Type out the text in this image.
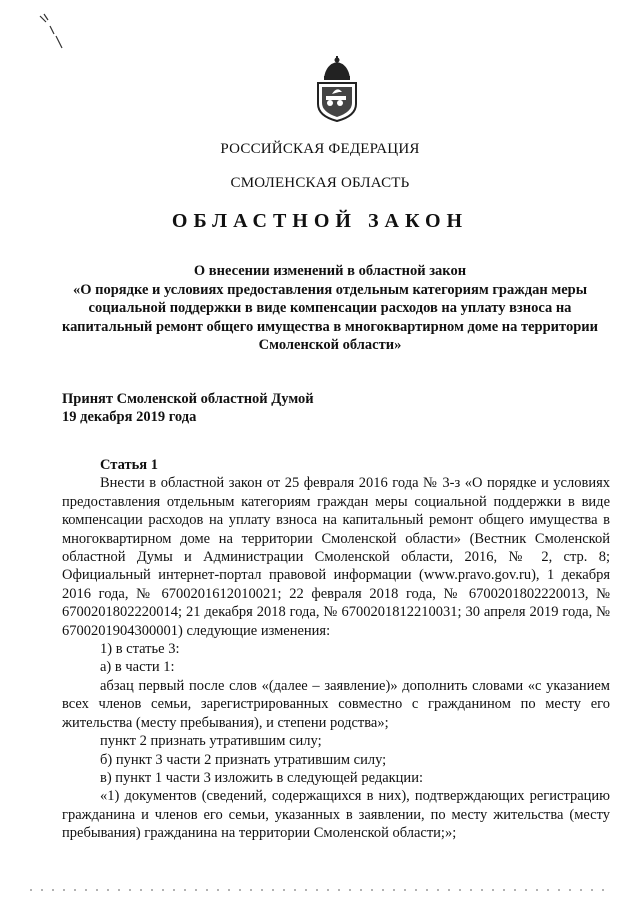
РОССИЙСКАЯ ФЕДЕРАЦИЯ
СМОЛЕНСКАЯ ОБЛАСТЬ
ОБЛАСТНОЙ ЗАКОН
О внесении изменений в областной закон
«О порядке и условиях предоставления отдельным категориям граждан меры социальной поддержки в виде компенсации расходов на уплату взноса на капитальный ремонт общего имущества в многоквартирном доме на территории Смоленской области»
Принят Смоленской областной Думой
19 декабря 2019 года

Статья 1

Внести в областной закон от 25 февраля 2016 года № 3-з «О порядке и условиях предоставления отдельным категориям граждан меры социальной поддержки в виде компенсации расходов на уплату взноса на капитальный ремонт общего имущества в многоквартирном доме на территории Смоленской области» (Вестник Смоленской областной Думы и Администрации Смоленской области, 2016, № 2, стр. 8; Официальный интернет-портал правовой информации (www.pravo.gov.ru), 1 декабря 2016 года, № 6700201612010021; 22 февраля 2018 года, № 6700201802220013, № 6700201802220014; 21 декабря 2018 года, № 6700201812210031; 30 апреля 2019 года, № 6700201904300001) следующие изменения:

1) в статье 3:

а) в части 1:

абзац первый после слов «(далее – заявление)» дополнить словами «с указанием всех членов семьи, зарегистрированных совместно с гражданином по месту его жительства (месту пребывания), и степени родства»;

пункт 2 признать утратившим силу;

б) пункт 3 части 2 признать утратившим силу;

в) пункт 1 части 3 изложить в следующей редакции:

«1) документов (сведений, содержащихся в них), подтверждающих регистрацию гражданина и членов его семьи, указанных в заявлении, по месту жительства (месту пребывания) гражданина на территории Смоленской области;»;
